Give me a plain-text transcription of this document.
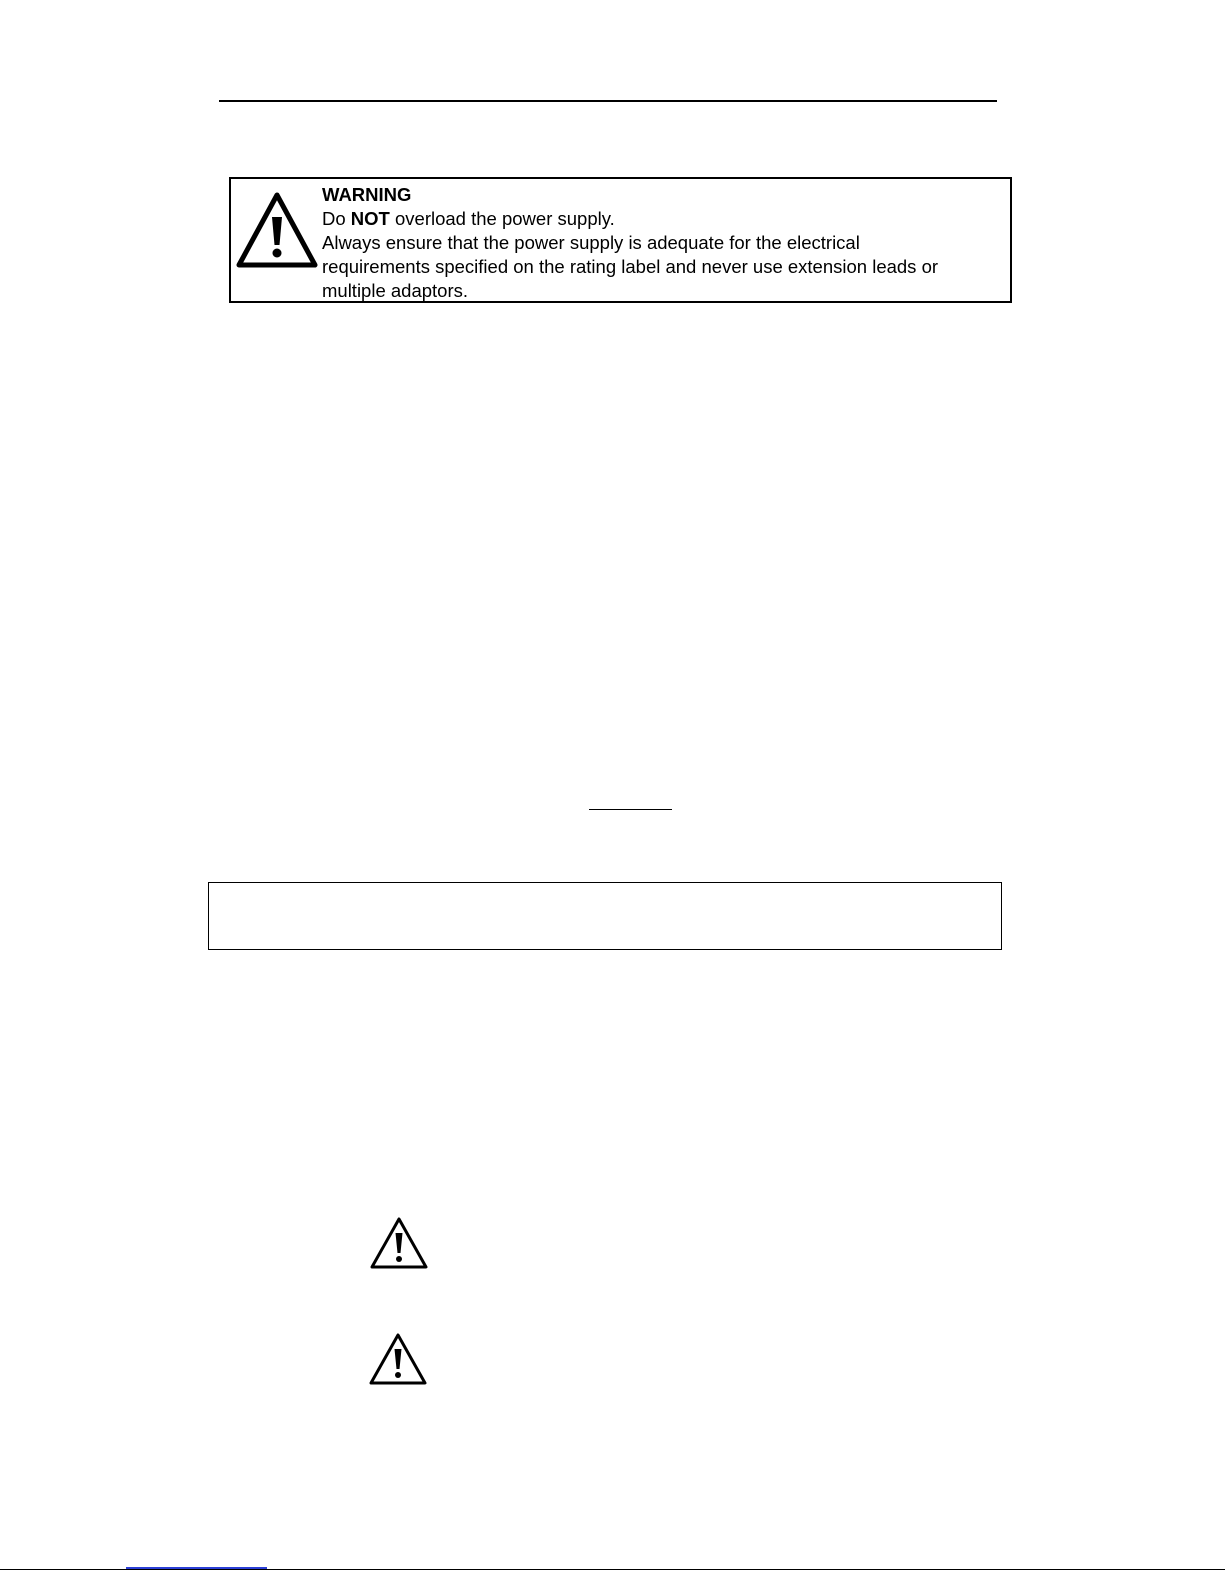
WARNING
Do NOT overload the power supply.
Always ensure that the power supply is adequate for the electrical
requirements specified on the rating label and never use extension leads or
multiple adaptors.
